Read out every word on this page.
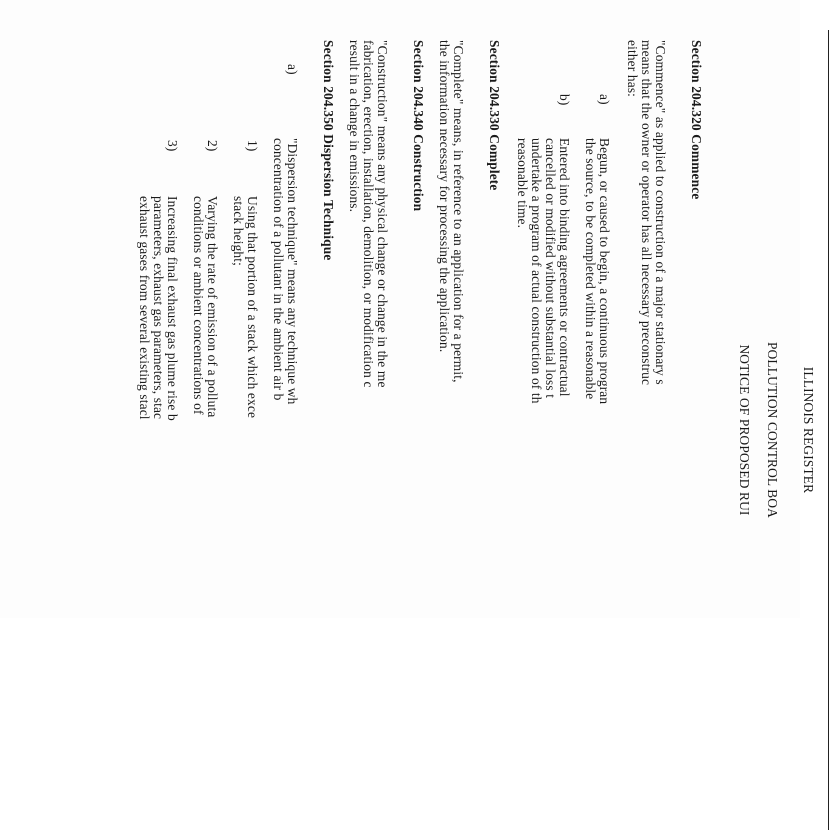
ILLINOIS REGISTER
POLLUTION CONTROL BOA
NOTICE OF PROPOSED RUI
Section 204.320 Commence
"Commence" as applied to construction of a major stationary s
means that the owner or operator has all necessary preconstruc
either has:
a)
Begun, or caused to begin, a continuous progran
the source, to be completed within a reasonable
b)
Entered into binding agreements or contractual
cancelled or modified without substantial loss t
undertake a program of actual construction of th
reasonable time.
Section 204.330 Complete
"Complete" means, in reference to an application for a permit,
the information necessary for processing the application.
Section 204.340 Construction
"Construction" means any physical change or change in the me
fabrication, erection, installation, demolition, or modification c
result in a change in emissions.
Section 204.350 Dispersion Technique
a)
"Dispersion technique" means any technique wh
concentration of a pollutant in the ambient air b
1)
Using that portion of a stack which exce
stack height;
2)
Varying the rate of emission of a polluta
conditions or ambient concentrations of
3)
Increasing final exhaust gas plume rise b
parameters, exhaust gas parameters, stac
exhaust gases from several existing stacl
